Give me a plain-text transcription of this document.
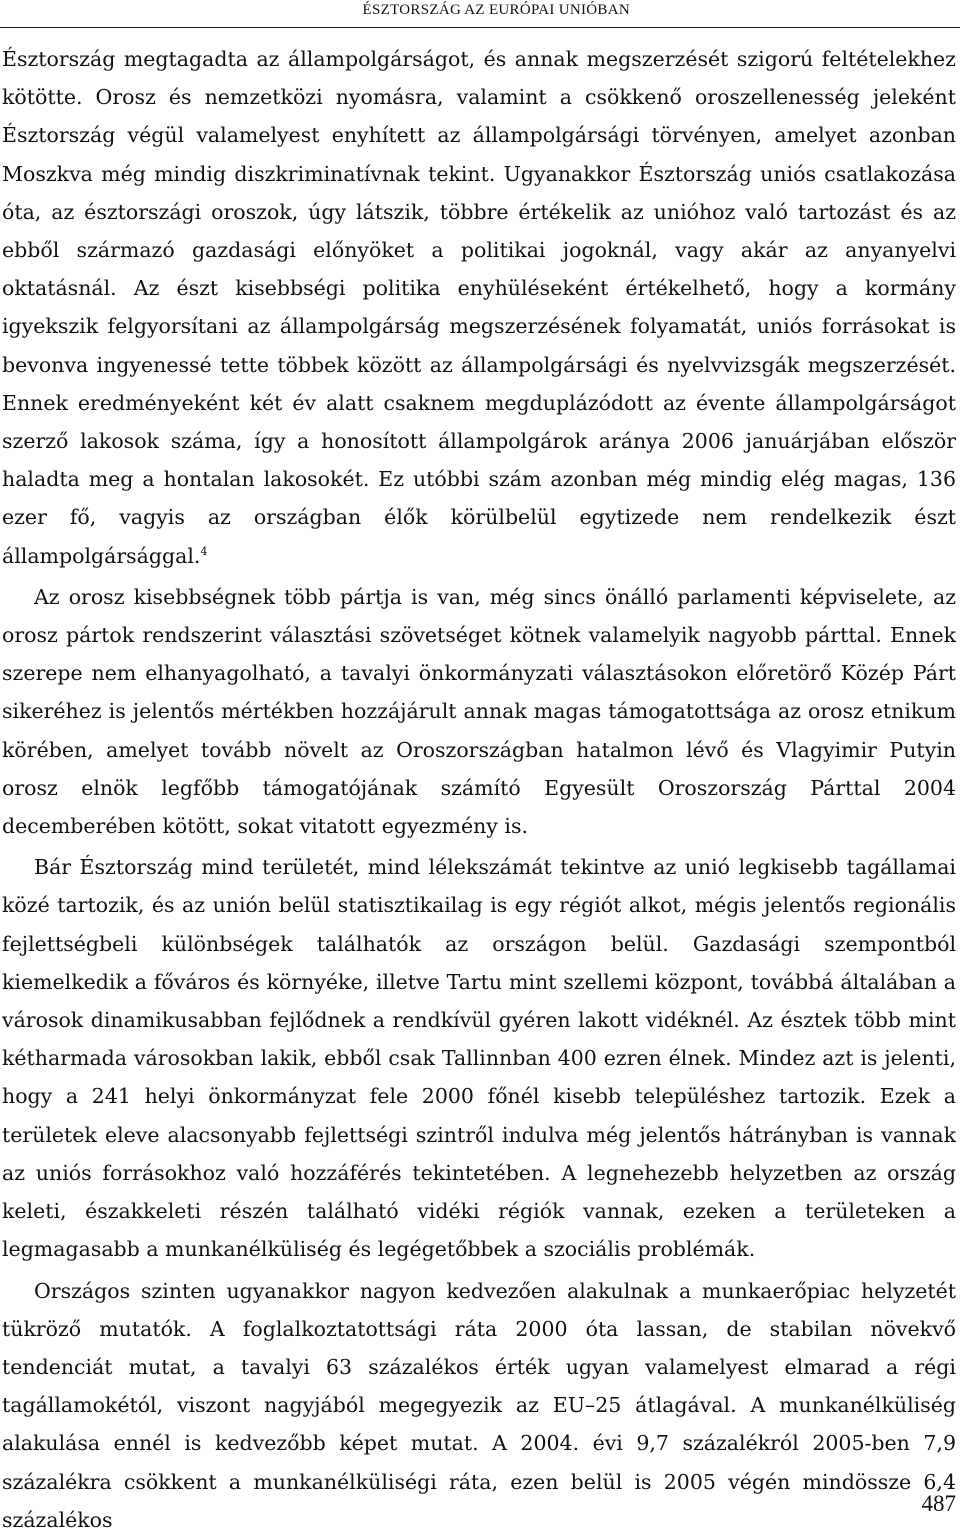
ÉSZTORSZÁG AZ EURÓPAI UNIÓBAN

Észtország megtagadta az állampolgárságot, és annak megszerzését szigorú feltételekhez kötötte. Orosz és nemzetközi nyomásra, valamint a csökkenő oroszellenesség jeleként Észtország végül valamelyest enyhített az állampolgársági törvényen, amelyet azonban Moszkva még mindig diszkriminatívnak tekint. Ugyanakkor Észtország uniós csatlakozása óta, az észtországi oroszok, úgy látszik, többre értékelik az unióhoz való tartozást és az ebből származó gazdasági előnyöket a politikai jogoknál, vagy akár az anyanyelvi oktatásnál. Az észt kisebbségi politika enyhüléseként értékelhető, hogy a kormány igyekszik felgyorsítani az állampolgárság megszerzésének folyamatát, uniós forrásokat is bevonva ingyenessé tette többek között az állampolgársági és nyelvvizsgák megszerzését. Ennek eredményeként két év alatt csaknem megduplázódott az évente állampolgárságot szerző lakosok száma, így a honosított állampolgárok aránya 2006 januárjában először haladta meg a hontalan lakosokét. Ez utóbbi szám azonban még mindig elég magas, 136 ezer fő, vagyis az országban élők körülbelül egytizede nem rendelkezik észt állampolgársággal.$^4$

Az orosz kisebbségnek több pártja is van, még sincs önálló parlamenti képviselete, az orosz pártok rendszerint választási szövetséget kötnek valamelyik nagyobb párttal. Ennek szerepe nem elhanyagolható, a tavalyi önkormányzati választásokon előretörő Közép Párt sikeréhez is jelentős mértékben hozzájárult annak magas támogatottsága az orosz etnikum körében, amelyet tovább növelt az Oroszországban hatalmon lévő és Vlagyimir Putyin orosz elnök legfőbb támogatójának számító Egyesült Oroszország Párttal 2004 decemberében kötött, sokat vitatott egyezmény is.

Bár Észtország mind területét, mind lélekszámát tekintve az unió legkisebb tagállamai közé tartozik, és az unión belül statisztikailag is egy régiót alkot, mégis jelentős regionális fejlettségbeli különbségek találhatók az országon belül. Gazdasági szempontból kiemelkedik a főváros és környéke, illetve Tartu mint szellemi központ, továbbá általában a városok dinamikusabban fejlődnek a rendkívül gyéren lakott vidéknél. Az észtek több mint kétharmada városokban lakik, ebből csak Tallinnban 400 ezren élnek. Mindez azt is jelenti, hogy a 241 helyi önkormányzat fele 2000 főnél kisebb településhez tartozik. Ezek a területek eleve alacsonyabb fejlettségi szintről indulva még jelentős hátrányban is vannak az uniós forrásokhoz való hozzáférés tekintetében. A legnehezebb helyzetben az ország keleti, északkeleti részén található vidéki régiók vannak, ezeken a területeken a legmagasabb a munkanélküliség és legégetőbbek a szociális problémák.

Országos szinten ugyanakkor nagyon kedvezően alakulnak a munkaerőpiac helyzetét tükröző mutatók. A foglalkoztatottsági ráta 2000 óta lassan, de stabilan növekvő tendenciát mutat, a tavalyi 63 százalékos érték ugyan valamelyest elmarad a régi tagállamokétól, viszont nagyjából megegyezik az EU–25 átlagával. A munkanélküliség alakulása ennél is kedvezőbb képet mutat. A 2004. évi 9,7 százalékról 2005-ben 7,9 százalékra csökkent a munkanélküliségi ráta, ezen belül is 2005 végén mindössze 6,4 százalékos

487
